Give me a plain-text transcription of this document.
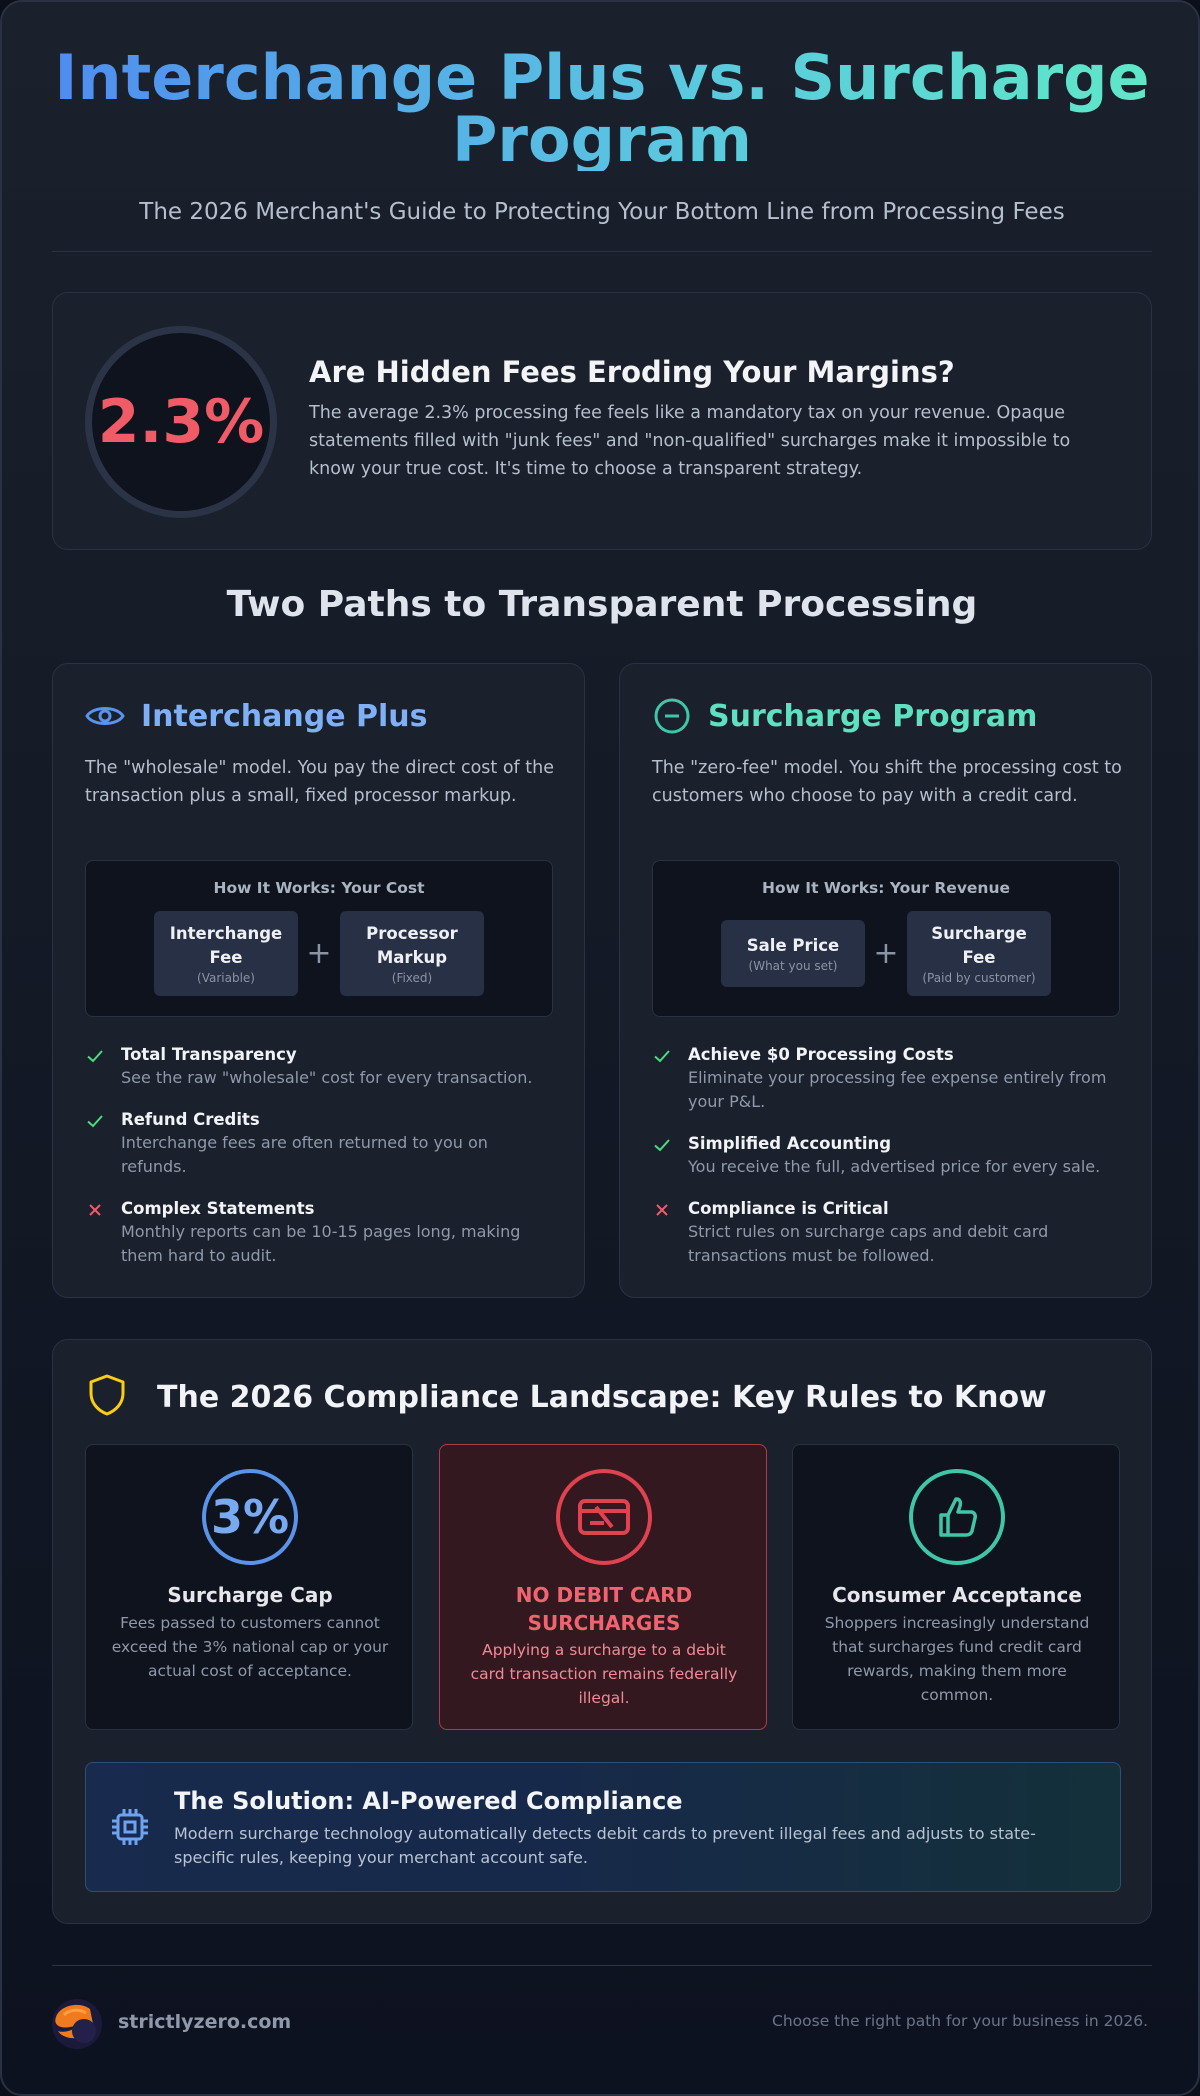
Interchange Plus vs. Surcharge Program
The 2026 Merchant's Guide to Protecting Your Bottom Line from Processing Fees
2.3%
Are Hidden Fees Eroding Your Margins?
The average 2.3% processing fee feels like a mandatory tax on your revenue. Opaque statements filled with "junk fees" and "non-qualified" surcharges make it impossible to know your true cost. It's time to choose a transparent strategy.
Two Paths to Transparent Processing
Interchange Plus
The "wholesale" model. You pay the direct cost of the transaction plus a small, fixed processor markup.
How It Works: Your Cost
Interchange Fee
(Variable)
+
Processor Markup
(Fixed)
Total Transparency
See the raw "wholesale" cost for every transaction.
Refund Credits
Interchange fees are often returned to you on refunds.
Complex Statements
Monthly reports can be 10-15 pages long, making them hard to audit.
Surcharge Program
The "zero-fee" model. You shift the processing cost to customers who choose to pay with a credit card.
How It Works: Your Revenue
Sale Price
(What you set)	+
Surcharge Fee
(Paid by customer)
Achieve $0 Processing Costs
Eliminate your processing fee expense entirely from your P&L.
Simplified Accounting
You receive the full, advertised price for every sale.
Compliance is Critical
Strict rules on surcharge caps and debit card transactions must be followed.
The 2026 Compliance Landscape: Key Rules to Know
3%
Surcharge Cap
Fees passed to customers cannot exceed the 3% national cap or your actual cost of acceptance.
NO DEBIT CARD SURCHARGES
Applying a surcharge to a debit card transaction remains federally illegal.
Consumer Acceptance
Shoppers increasingly understand that surcharges fund credit card rewards, making them more common.
The Solution: AI-Powered Compliance
Modern surcharge technology automatically detects debit cards to prevent illegal fees and adjusts to state-specific rules, keeping your merchant account safe.
strictlyzero.com	Choose the right path for your business in 2026.
